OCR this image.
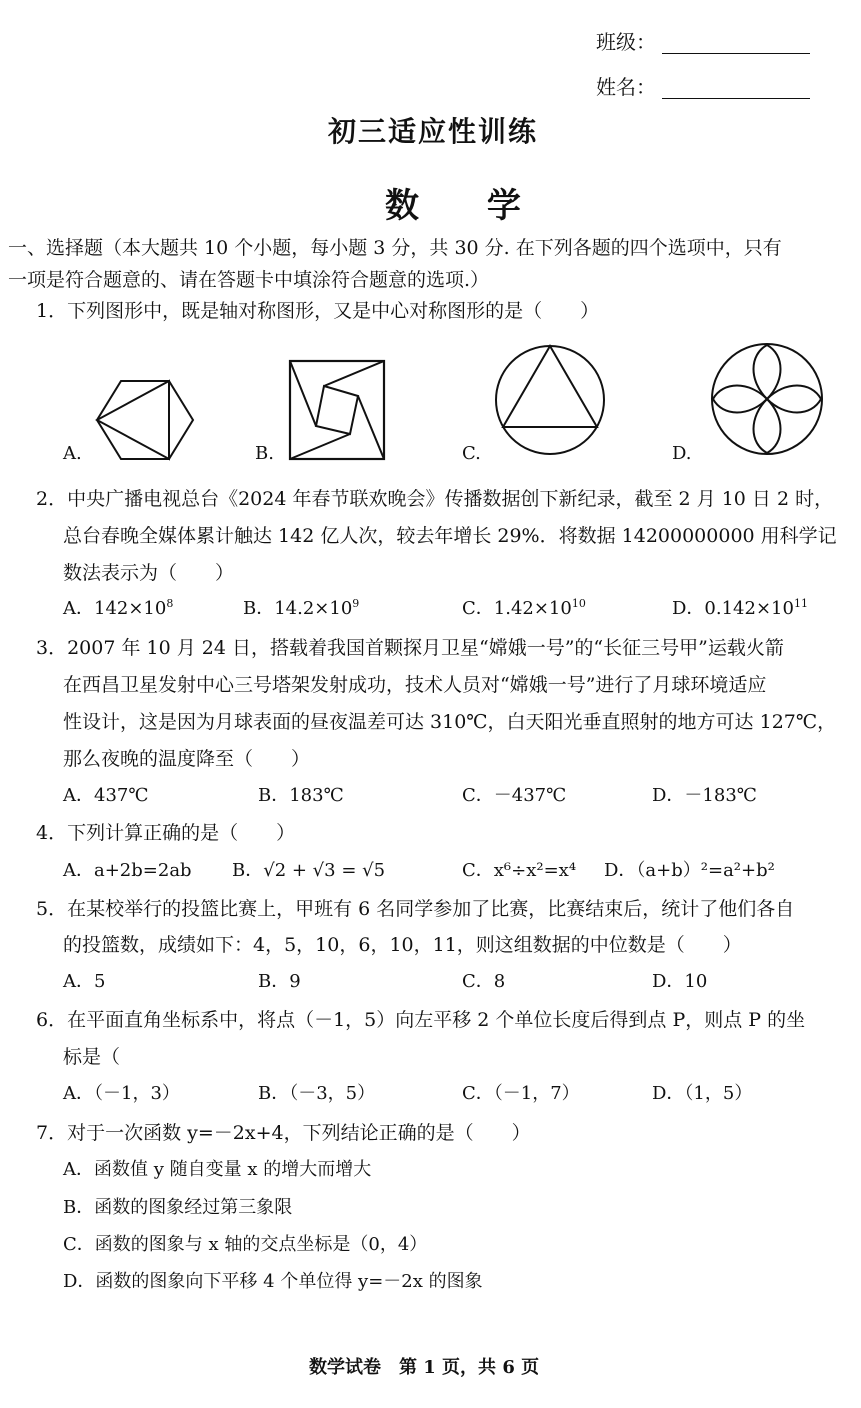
班级：
姓名：
初三适应性训练
数 学
一、选择题（本大题共 10 个小题，每小题 3 分，共 30 分. 在下列各题的四个选项中，只有
一项是符合题意的、请在答题卡中填涂符合题意的选项.）
1．下列图形中，既是轴对称图形，又是中心对称图形的是（　　）
A.	B.	C.	D.
2．中央广播电视总台《2024 年春节联欢晚会》传播数据创下新纪录，截至 2 月 10 日 2 时，
总台春晚全媒体累计触达 142 亿人次，较去年增长 29%．将数据 14200000000 用科学记
数法表示为（　　）
A．$142\times 10^8$	B．$14.2\times 10^9$	C．$1.42\times 10^{10}$	D．$0.142\times 10^{11}$
3．2007 年 10 月 24 日，搭载着我国首颗探月卫星“嫦娥一号”的“长征三号甲”运载火箭
在西昌卫星发射中心三号塔架发射成功，技术人员对“嫦娥一号”进行了月球环境适应
性设计，这是因为月球表面的昼夜温差可达 310℃，白天阳光垂直照射的地方可达 127℃，
那么夜晚的温度降至（　　）
A．437℃	B．183℃	C．－437℃	D．－183℃
4．下列计算正确的是（　　）
A．a+2b=2ab B．√2 + √3 = √5	C．x⁶÷x²=x⁴ D．（a+b）²=a²+b²
5．在某校举行的投篮比赛上，甲班有 6 名同学参加了比赛，比赛结束后，统计了他们各自
的投篮数，成绩如下：4，5，10，6，10，11，则这组数据的中位数是（　　）
A．5	B．9	C．8	D．10
6．在平面直角坐标系中，将点（－1，5）向左平移 2 个单位长度后得到点 P，则点 P 的坐
标是（
A．（－1，3）	B．（－3，5）	C．（－1，7）	D．（1，5）
7．对于一次函数 y=－2x+4，下列结论正确的是（　　）
A．函数值 y 随自变量 x 的增大而增大
B．函数的图象经过第三象限
C．函数的图象与 x 轴的交点坐标是（0，4）
D．函数的图象向下平移 4 个单位得 y=－2x 的图象
数学试卷　第 1 页，共 6 页
